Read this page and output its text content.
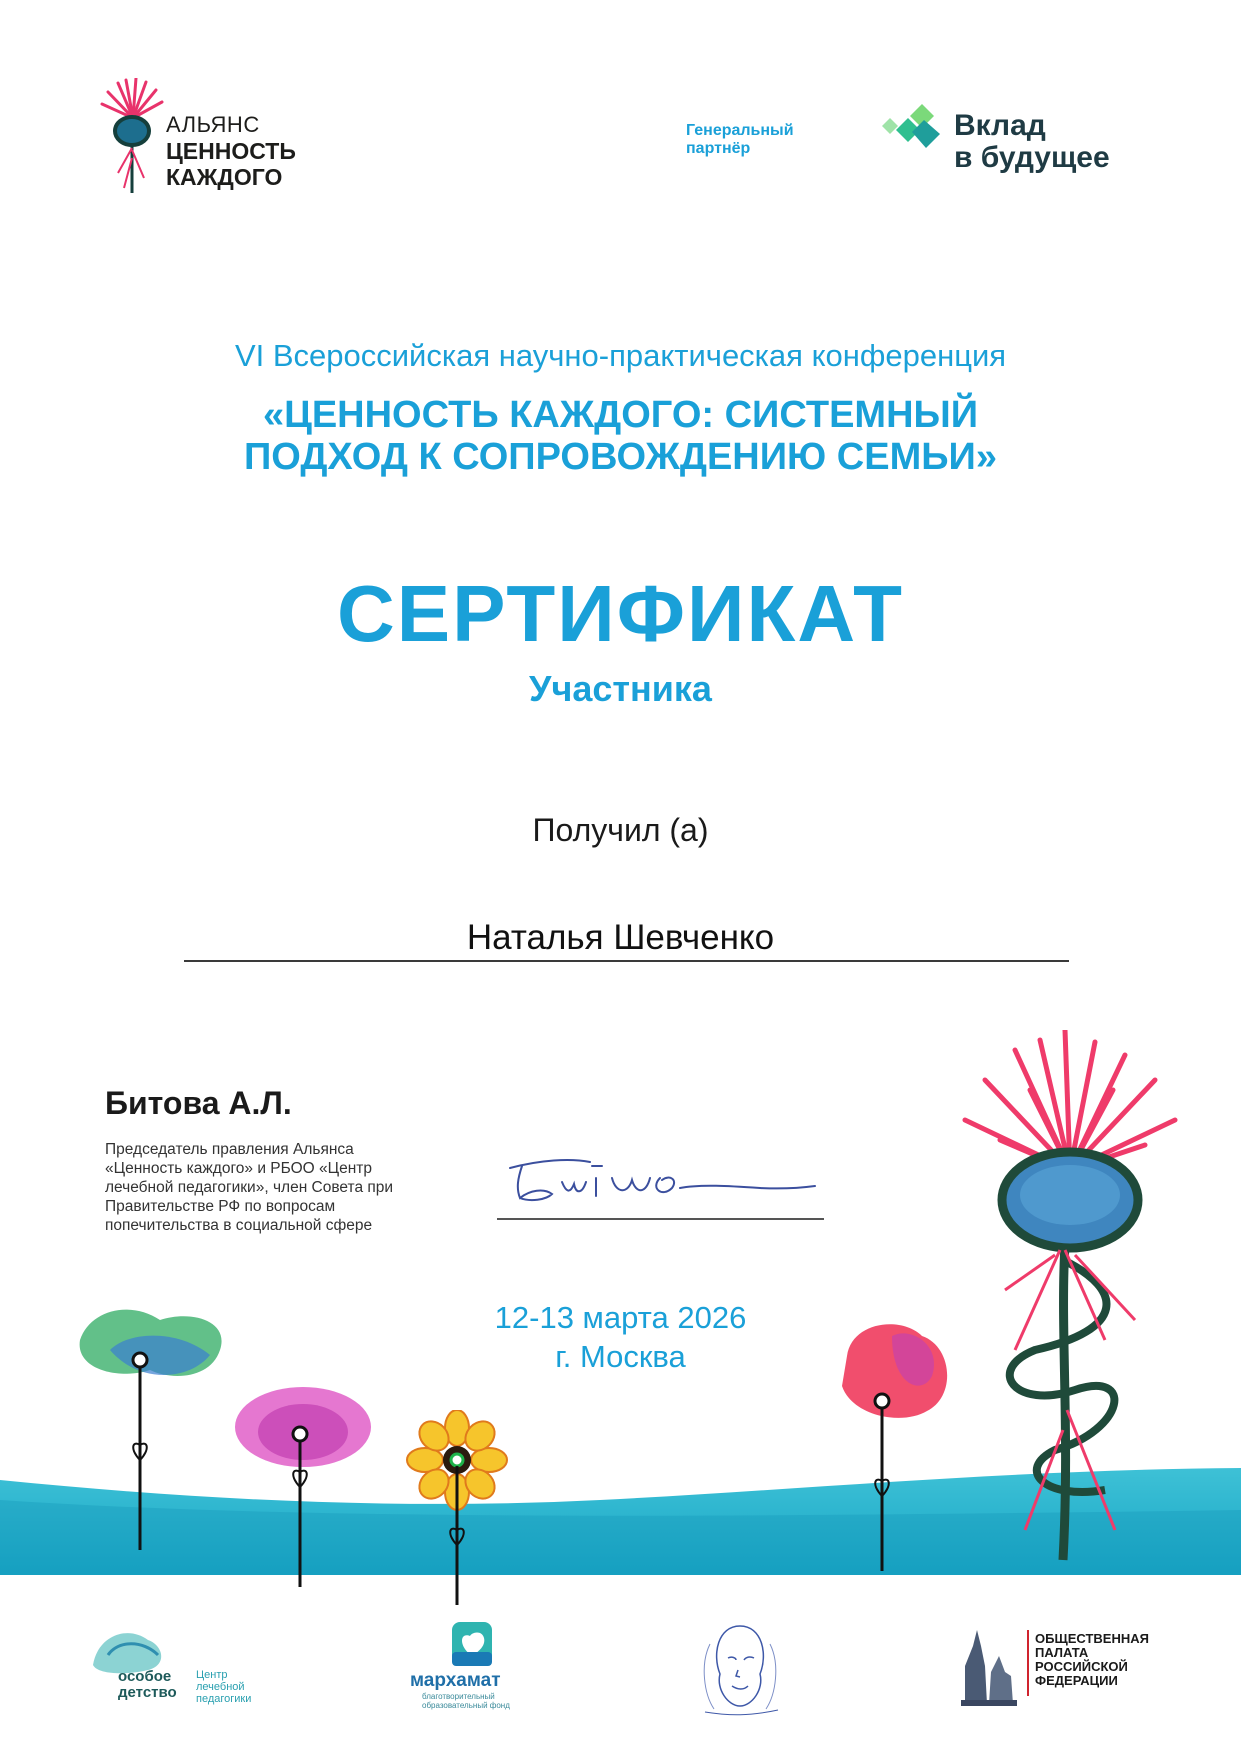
АЛЬЯНС
ЦЕННОСТЬ
КАЖДОГО
Генеральный
партнёр
Вклад
в будущее
VI Всероссийская научно-практическая конференция
«ЦЕННОСТЬ КАЖДОГО: СИСТЕМНЫЙ
ПОДХОД К СОПРОВОЖДЕНИЮ СЕМЬИ»
СЕРТИФИКАТ
Участника
Получил (а)
Наталья Шевченко
Битова А.Л.
Председатель правления Альянса «Ценность каждого» и РБОО «Центр лечебной педагогики», член Совета при Правительстве РФ по вопросам попечительства в социальной сфере
12-13 марта 2026
г. Москва
особое
детство
Центр
лечебной
педагогики
мархамат
благотворительный
образовательный фонд
ОБЩЕСТВЕННАЯ
ПАЛАТА
РОССИЙСКОЙ
ФЕДЕРАЦИИ
